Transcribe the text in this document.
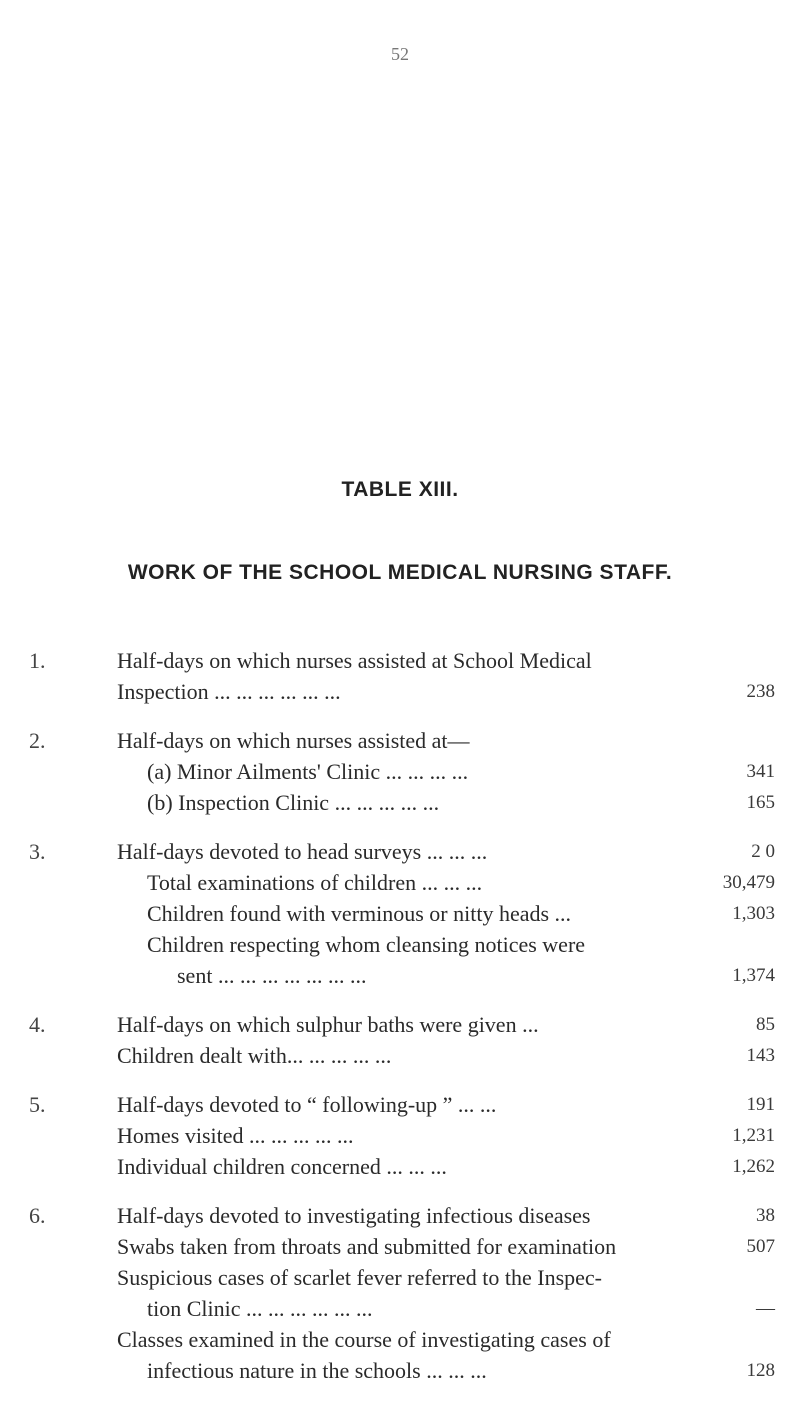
52
TABLE XIII.
WORK OF THE SCHOOL MEDICAL NURSING STAFF.
1.	Half-days on which nurses assisted at School Medical
Inspection ... ... ... ... ... ...	238
2.	Half-days on which nurses assisted at—
(a) Minor Ailments' Clinic ... ... ... ...	341
(b) Inspection Clinic ... ... ... ... ...	165
3.	Half-days devoted to head surveys ... ... ...	2 0
Total examinations of children ... ... ...	30,479
Children found with verminous or nitty heads ...	1,303
Children respecting whom cleansing notices were
sent ... ... ... ... ... ... ...	1,374
4.	Half-days on which sulphur baths were given ...	85
Children dealt with... ... ... ... ...	143
5.	Half-days devoted to “ following-up ” ... ...	191
Homes visited ... ... ... ... ...	1,231
Individual children concerned ... ... ...	1,262
6.	Half-days devoted to investigating infectious diseases	38
Swabs taken from throats and submitted for examination	507
Suspicious cases of scarlet fever referred to the Inspec-
tion Clinic ... ... ... ... ... ...	—
Classes examined in the course of investigating cases of
infectious nature in the schools ... ... ...	128
